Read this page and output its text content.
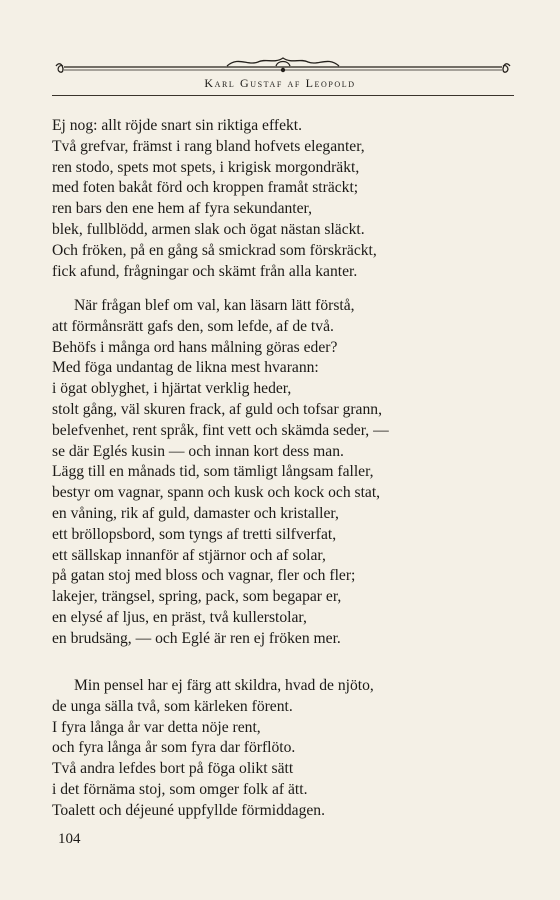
Karl Gustaf af Leopold
Ej nog: allt röjde snart sin riktiga effekt.
Två grefvar, främst i rang bland hofvets eleganter,
ren stodo, spets mot spets, i krigisk morgondräkt,
med foten bakåt förd och kroppen framåt sträckt;
ren bars den ene hem af fyra sekundanter,
blek, fullblödd, armen slak och ögat nästan släckt.
Och fröken, på en gång så smickrad som förskräckt,
fick afund, frågningar och skämt från alla kanter.
När frågan blef om val, kan läsarn lätt förstå,
att förmånsrätt gafs den, som lefde, af de två.
Behöfs i många ord hans målning göras eder?
Med föga undantag de likna mest hvarann:
i ögat oblyghet, i hjärtat verklig heder,
stolt gång, väl skuren frack, af guld och tofsar grann,
belefvenhet, rent språk, fint vett och skämda seder, —
se där Eglés kusin — och innan kort dess man.
Lägg till en månads tid, som tämligt långsam faller,
bestyr om vagnar, spann och kusk och kock och stat,
en våning, rik af guld, damaster och kristaller,
ett bröllopsbord, som tyngs af tretti silfverfat,
ett sällskap innanför af stjärnor och af solar,
på gatan stoj med bloss och vagnar, fler och fler;
lakejer, trängsel, spring, pack, som begapar er,
en elysé af ljus, en präst, två kullerstolar,
en brudsäng, — och Eglé är ren ej fröken mer.
Min pensel har ej färg att skildra, hvad de njöto,
de unga sälla två, som kärleken förent.
I fyra långa år var detta nöje rent,
och fyra långa år som fyra dar förflöto.
Två andra lefdes bort på föga olikt sätt
i det förnäma stoj, som omger folk af ätt.
Toalett och déjeuné uppfyllde förmiddagen.
104
